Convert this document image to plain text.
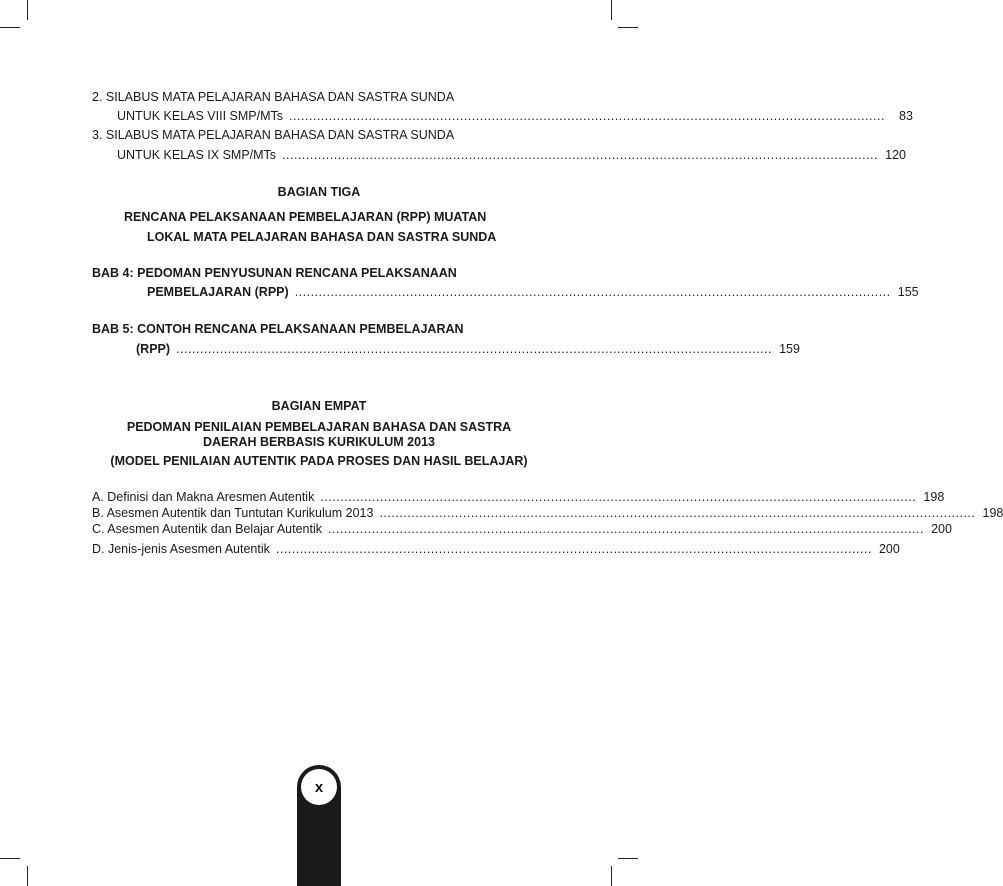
2. SILABUS MATA PELAJARAN BAHASA DAN SASTRA SUNDA
UNTUK KELAS VIII SMP/MTs ......................................................................................................................................................	83
3. SILABUS MATA PELAJARAN BAHASA DAN SASTRA SUNDA
UNTUK KELAS IX SMP/MTs ...................................................................................................................................................... 120
BAGIAN TIGA
RENCANA PELAKSANAAN PEMBELAJARAN (RPP) MUATAN
LOKAL MATA PELAJARAN BAHASA DAN SASTRA SUNDA
BAB 4: PEDOMAN PENYUSUNAN RENCANA PELAKSANAAN
PEMBELAJARAN (RPP) ...................................................................................................................................................... 155
BAB 5: CONTOH RENCANA PELAKSANAAN PEMBELAJARAN
(RPP) ...................................................................................................................................................... 159
BAGIAN EMPAT
PEDOMAN PENILAIAN PEMBELAJARAN BAHASA DAN SASTRA
DAERAH BERBASIS KURIKULUM 2013
(MODEL PENILAIAN AUTENTIK PADA PROSES DAN HASIL BELAJAR)
A. Definisi dan Makna Aresmen Autentik ...................................................................................................................................................... 198
B. Asesmen Autentik dan Tuntutan Kurikulum 2013 ...................................................................................................................................................... 198
C. Asesmen Autentik dan Belajar Autentik ...................................................................................................................................................... 200
D. Jenis-jenis Asesmen Autentik ...................................................................................................................................................... 200
x
